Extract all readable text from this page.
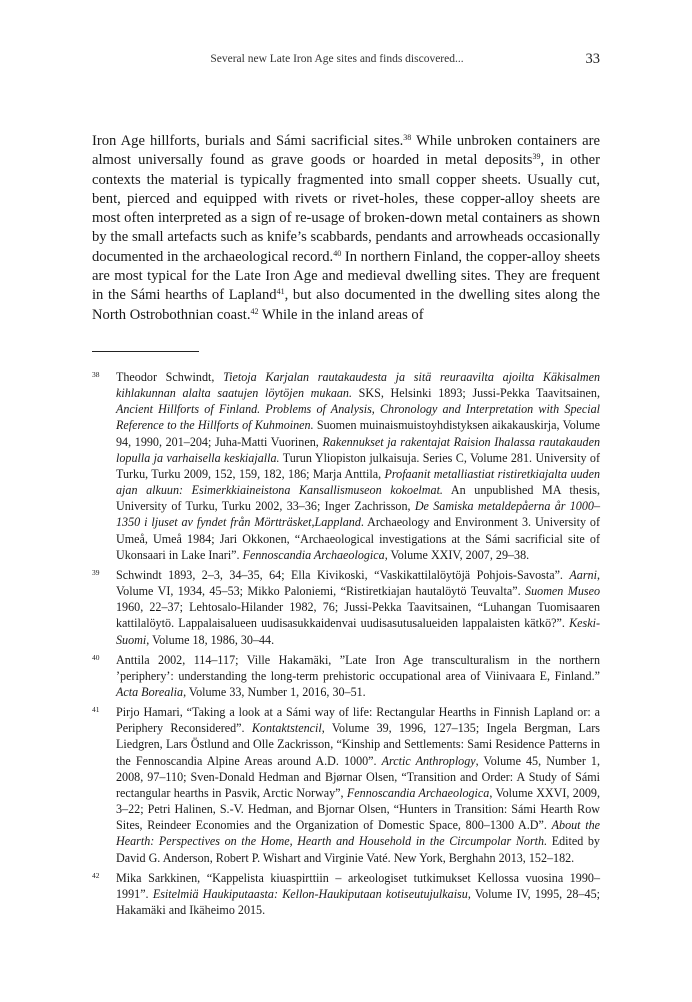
Several new Late Iron Age sites and finds discovered...	33

Iron Age hillforts, burials and Sámi sacrificial sites.$^{38}$ While unbroken containers are almost universally found as grave goods or hoarded in metal deposits$^{39}$, in other contexts the material is typically fragmented into small copper sheets. Usually cut, bent, pierced and equipped with rivets or rivet-holes, these copper-alloy sheets are most often interpreted as a sign of re-usage of broken-down metal containers as shown by the small artefacts such as knife’s scabbards, pendants and arrowheads occasionally documented in the archaeological record.$^{40}$ In northern Finland, the copper-alloy sheets are most typical for the Late Iron Age and medieval dwelling sites. They are frequent in the Sámi hearths of Lapland$^{41}$, but also documented in the dwelling sites along the North Ostrobothnian coast.$^{42}$ While in the inland areas of

38 Theodor Schwindt, Tietoja Karjalan rautakaudesta ja sitä reuraavilta ajoilta Käkisalmen kihlakunnan alalta saatujen löytöjen mukaan. SKS, Helsinki 1893; Jussi-Pekka Taavitsainen, Ancient Hillforts of Finland. Problems of Analysis, Chronology and Interpretation with Special Reference to the Hillforts of Kuhmoinen. Suomen muinaismuistoyhdistyksen aikakauskirja, Volume 94, 1990, 201–204; Juha-Matti Vuorinen, Rakennukset ja rakentajat Raision Ihalassa rautakauden lopulla ja varhaisella keskiajalla. Turun Yliopiston julkaisuja. Series C, Volume 281. University of Turku, Turku 2009, 152, 159, 182, 186; Marja Anttila, Profaanit metalliastiat ristiretkiajalta uuden ajan alkuun: Esimerkkiaineistona Kansallismuseon kokoelmat. An unpublished MA thesis, University of Turku, Turku 2002, 33–36; Inger Zachrisson, De Samiska metaldepåerna år 1000–1350 i ljuset av fyndet från Mörtträsket,Lappland. Archaeology and Environment 3. University of Umeå, Umeå 1984; Jari Okkonen, “Archaeological investigations at the Sámi sacrificial site of Ukonsaari in Lake Inari”. Fennoscandia Archaeologica, Volume XXIV, 2007, 29–38.
39 Schwindt 1893, 2–3, 34–35, 64; Ella Kivikoski, “Vaskikattilalöytöjä Pohjois-Savosta”. Aarni, Volume VI, 1934, 45–53; Mikko Paloniemi, “Ristiretkiajan hautalöytö Teuvalta”. Suomen Museo 1960, 22–37; Lehtosalo-Hilander 1982, 76; Jussi-Pekka Taavitsainen, “Luhangan Tuomisaaren kattilalöytö. Lappalaisalueen uudisasukkaidenvai uudisasutusalueiden lappalaisten kätkö?”. Keski-Suomi, Volume 18, 1986, 30–44.
40 Anttila 2002, 114–117; Ville Hakamäki, ”Late Iron Age transculturalism in the northern ’periphery’: understanding the long-term prehistoric occupational area of Viinivaara E, Finland.” Acta Borealia, Volume 33, Number 1, 2016, 30–51.
41 Pirjo Hamari, “Taking a look at a Sámi way of life: Rectangular Hearths in Finnish Lapland or: a Periphery Reconsidered”. Kontaktstencil, Volume 39, 1996, 127–135; Ingela Bergman, Lars Liedgren, Lars Östlund and Olle Zackrisson, “Kinship and Settlements: Sami Residence Patterns in the Fennoscandia Alpine Areas around A.D. 1000”. Arctic Anthroplogy, Volume 45, Number 1, 2008, 97–110; Sven-Donald Hedman and Bjørnar Olsen, “Transition and Order: A Study of Sámi rectangular hearths in Pasvik, Arctic Norway”, Fennoscandia Archaeologica, Volume XXVI, 2009, 3–22; Petri Halinen, S.-V. Hedman, and Bjornar Olsen, “Hunters in Transition: Sámi Hearth Row Sites, Reindeer Economies and the Organization of Domestic Space, 800–1300 A.D”. About the Hearth: Perspectives on the Home, Hearth and Household in the Circumpolar North. Edited by David G. Anderson, Robert P. Wishart and Virginie Vaté. New York, Berghahn 2013, 152–182.
42 Mika Sarkkinen, “Kappelista kiuaspirttiin – arkeologiset tutkimukset Kellossa vuosina 1990–1991”. Esitelmiä Haukiputaasta: Kellon-Haukiputaan kotiseutujulkaisu, Volume IV, 1995, 28–45; Hakamäki and Ikäheimo 2015.
